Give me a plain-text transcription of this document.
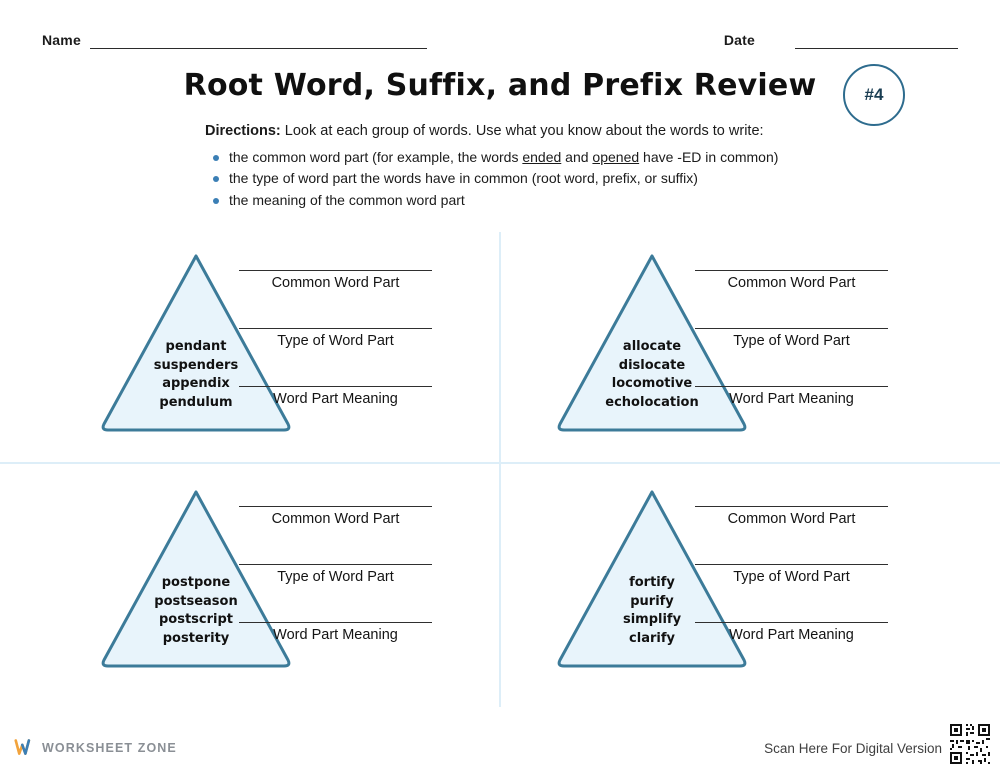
Name	Date
Root Word, Suffix, and Prefix Review	#4
Directions: Look at each group of words. Use what you know about the words to write:
the common word part (for example, the words ended and opened have -ED in common)
the type of word part the words have in common (root word, prefix, or suffix)
the meaning of the common word part
pendant
suspenders
appendix
pendulum
Common Word Part
Type of Word Part
Word Part Meaning
allocate
dislocate
locomotive
echolocation
Common Word Part
Type of Word Part
Word Part Meaning
postpone
postseason
postscript
posterity
Common Word Part
Type of Word Part
Word Part Meaning
fortify
purify
simplify
clarify
Common Word Part
Type of Word Part
Word Part Meaning
WORKSHEET ZONE	Scan Here For Digital Version
